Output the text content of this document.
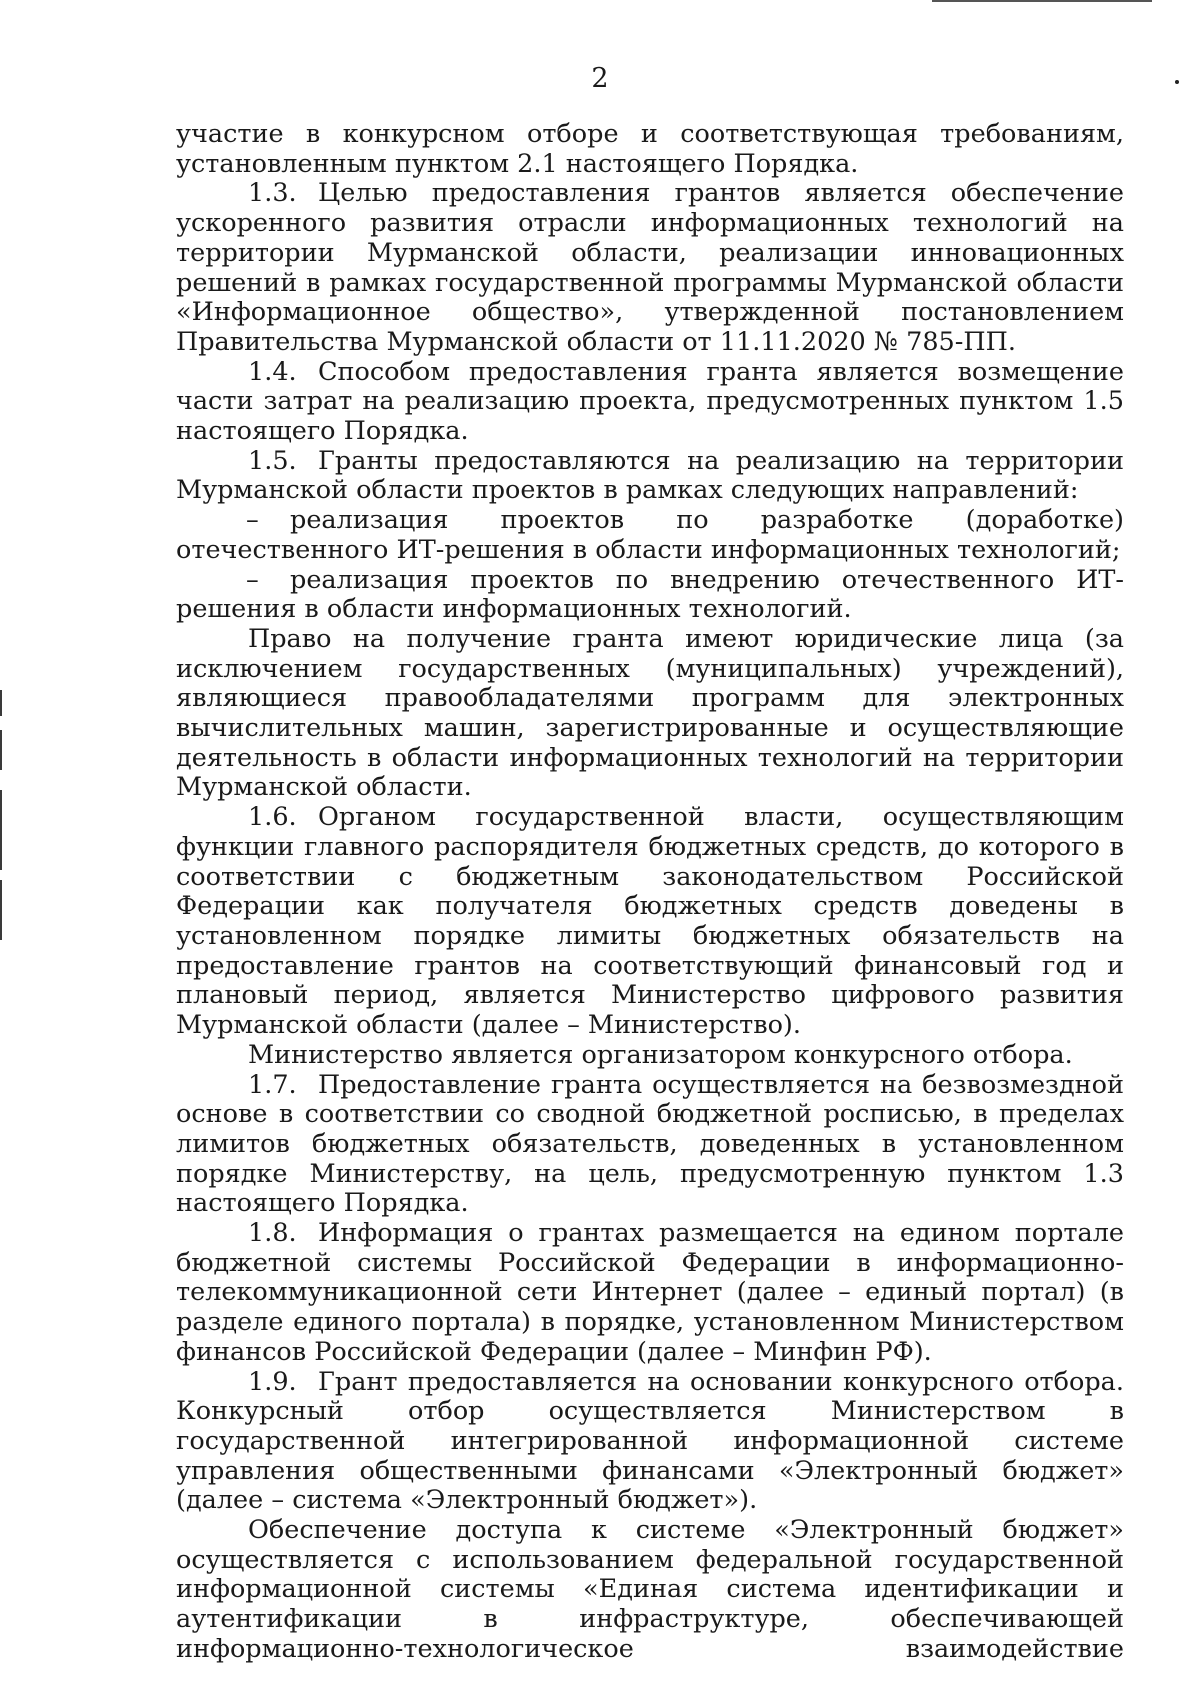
2

участие в конкурсном отборе и соответствующая требованиям, установленным пунктом 2.1 настоящего Порядка.

1.3. Целью предоставления грантов является обеспечение ускоренного развития отрасли информационных технологий на территории Мурманской области, реализации инновационных решений в рамках государственной программы Мурманской области «Информационное общество», утвержденной постановлением Правительства Мурманской области от 11.11.2020 № 785-ПП.

1.4. Способом предоставления гранта является возмещение части затрат на реализацию проекта, предусмотренных пунктом 1.5 настоящего Порядка.

1.5. Гранты предоставляются на реализацию на территории Мурманской области проектов в рамках следующих направлений:

– реализация проектов по разработке (доработке) отечественного ИТ-решения в области информационных технологий;

– реализация проектов по внедрению отечественного ИТ-решения в области информационных технологий.

Право на получение гранта имеют юридические лица (за исключением государственных (муниципальных) учреждений), являющиеся правообладателями программ для электронных вычислительных машин, зарегистрированные и осуществляющие деятельность в области информационных технологий на территории Мурманской области.

1.6. Органом государственной власти, осуществляющим функции главного распорядителя бюджетных средств, до которого в соответствии с бюджетным законодательством Российской Федерации как получателя бюджетных средств доведены в установленном порядке лимиты бюджетных обязательств на предоставление грантов на соответствующий финансовый год и плановый период, является Министерство цифрового развития Мурманской области (далее – Министерство).

Министерство является организатором конкурсного отбора.

1.7. Предоставление гранта осуществляется на безвозмездной основе в соответствии со сводной бюджетной росписью, в пределах лимитов бюджетных обязательств, доведенных в установленном порядке Министерству, на цель, предусмотренную пунктом 1.3 настоящего Порядка.

1.8. Информация о грантах размещается на едином портале бюджетной системы Российской Федерации в информационно-телекоммуникационной сети Интернет (далее – единый портал) (в разделе единого портала) в порядке, установленном Министерством финансов Российской Федерации (далее – Минфин РФ).

1.9. Грант предоставляется на основании конкурсного отбора. Конкурсный отбор осуществляется Министерством в государственной интегрированной информационной системе управления общественными финансами «Электронный бюджет» (далее – система «Электронный бюджет»).

Обеспечение доступа к системе «Электронный бюджет» осуществляется с использованием федеральной государственной информационной системы «Единая система идентификации и аутентификации в инфраструктуре, обеспечивающей информационно-технологическое взаимодействие
